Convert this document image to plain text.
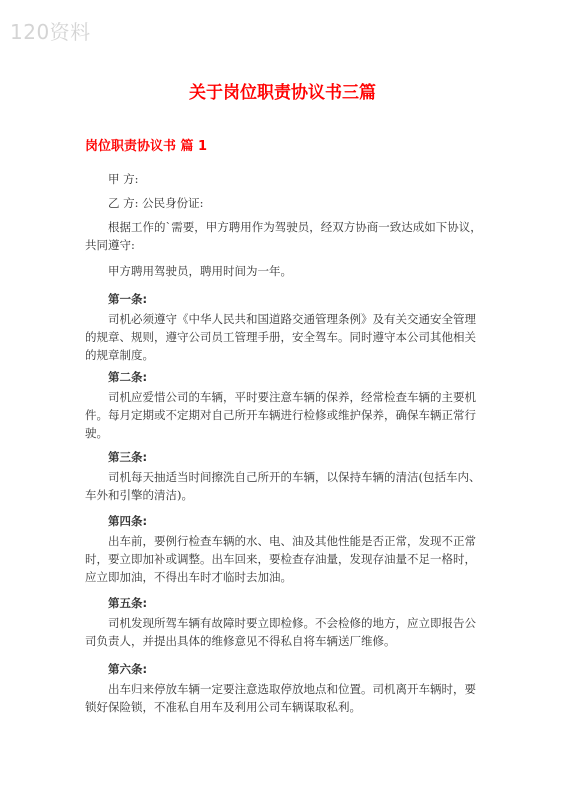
120资料
关于岗位职责协议书三篇
岗位职责协议书 篇 1

甲 方:

乙 方: 公民身份证:

根据工作的`需要，甲方聘用作为驾驶员，经双方协商一致达成如下协议，共同遵守:

甲方聘用驾驶员，聘用时间为一年。

第一条:

司机必须遵守《中华人民共和国道路交通管理条例》及有关交通安全管理的规章、规则，遵守公司员工管理手册，安全驾车。同时遵守本公司其他相关的规章制度。

第二条:

司机应爱惜公司的车辆，平时要注意车辆的保养，经常检查车辆的主要机件。每月定期或不定期对自己所开车辆进行检修或维护保养，确保车辆正常行驶。

第三条:

司机每天抽适当时间擦洗自己所开的车辆，以保持车辆的清洁(包括车内、车外和引擎的清洁)。

第四条:

出车前，要例行检查车辆的水、电、油及其他性能是否正常，发现不正常时，要立即加补或调整。出车回来，要检查存油量，发现存油量不足一格时，应立即加油，不得出车时才临时去加油。

第五条:

司机发现所驾车辆有故障时要立即检修。不会检修的地方，应立即报告公司负责人，并提出具体的维修意见不得私自将车辆送厂维修。

第六条:

出车归来停放车辆一定要注意选取停放地点和位置。司机离开车辆时，要锁好保险锁，不准私自用车及利用公司车辆谋取私利。
